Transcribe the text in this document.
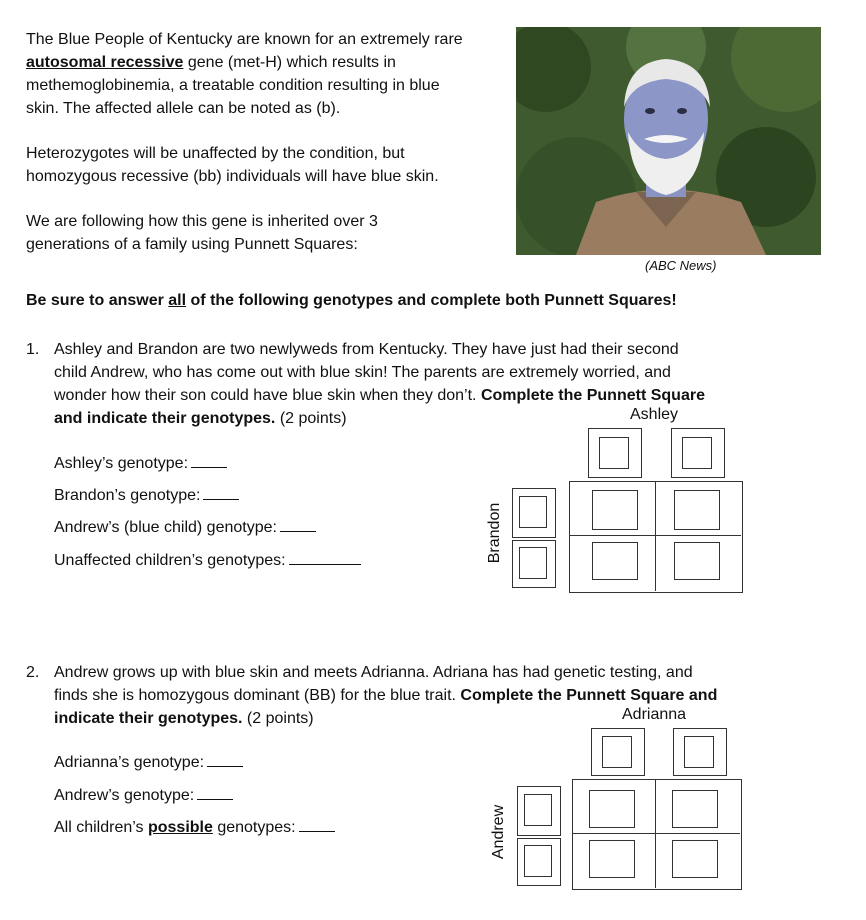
The Blue People of Kentucky are known for an extremely rare

autosomal recessive gene (met-H) which results in

methemoglobinemia, a treatable condition resulting in blue

skin. The affected allele can be noted as (b).

Heterozygotes will be unaffected by the condition, but

homozygous recessive (bb) individuals will have blue skin.

We are following how this gene is inherited over 3

generations of a family using Punnett Squares:

(ABC News)
Be sure to answer all of the following genotypes and complete both Punnett Squares!
1. Ashley and Brandon are two newlyweds from Kentucky. They have just had their second
child Andrew, who has come out with blue skin! The parents are extremely worried, and
wonder how their son could have blue skin when they don’t. Complete the Punnett Square
and indicate their genotypes. (2 points)
Ashley’s genotype:
Brandon’s genotype:
Andrew’s (blue child) genotype:
Unaffected children’s genotypes:
Ashley
Brandon
2. Andrew grows up with blue skin and meets Adrianna. Adriana has had genetic testing, and
finds she is homozygous dominant (BB) for the blue trait. Complete the Punnett Square and
indicate their genotypes. (2 points)
Adrianna’s genotype:
Andrew’s genotype:
All children’s possible genotypes:
Adrianna
Andrew
